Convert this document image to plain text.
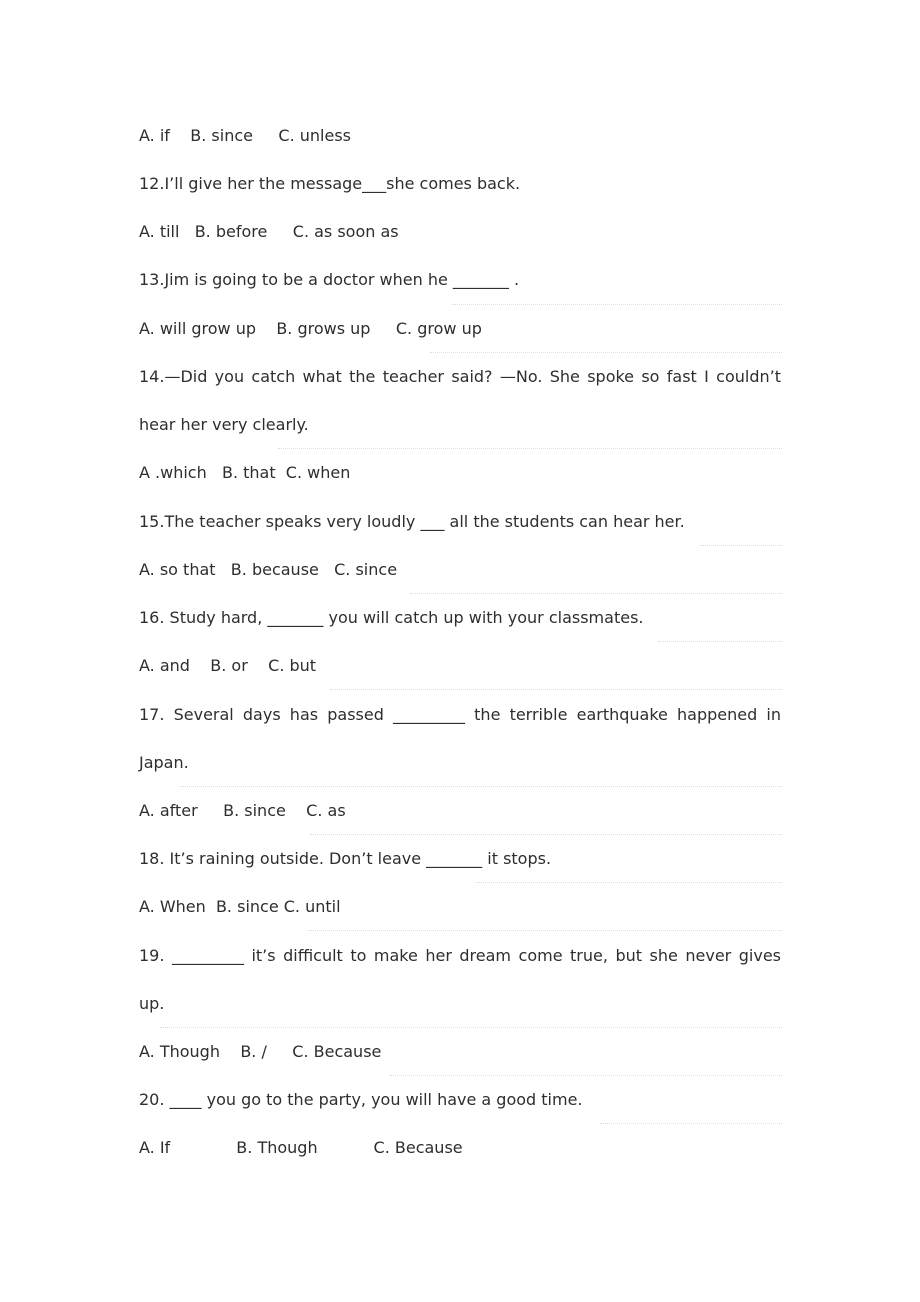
A. if    B. since     C. unless
12.I’ll give her the message___she comes back.
A. till   B. before     C. as soon as
13.Jim is going to be a doctor when he _______ .
A. will grow up    B. grows up     C. grow up
14.—Did you catch what the teacher said? —No. She spoke so fast I couldn’t
hear her very clearly.
A .which   B. that  C. when
15.The teacher speaks very loudly ___ all the students can hear her.
A. so that   B. because   C. since
16. Study hard, _______ you will catch up with your classmates.
A. and    B. or    C. but
17. Several days has passed _________ the terrible earthquake happened in
Japan.
A. after     B. since    C. as
18. It’s raining outside. Don’t leave _______ it stops.
A. When  B. since C. until
19. _________ it’s difficult to make her dream come true, but she never gives
up.
A. Though    B. /     C. Because
20. ____ you go to the party, you will have a good time.
A. If             B. Though           C. Because
